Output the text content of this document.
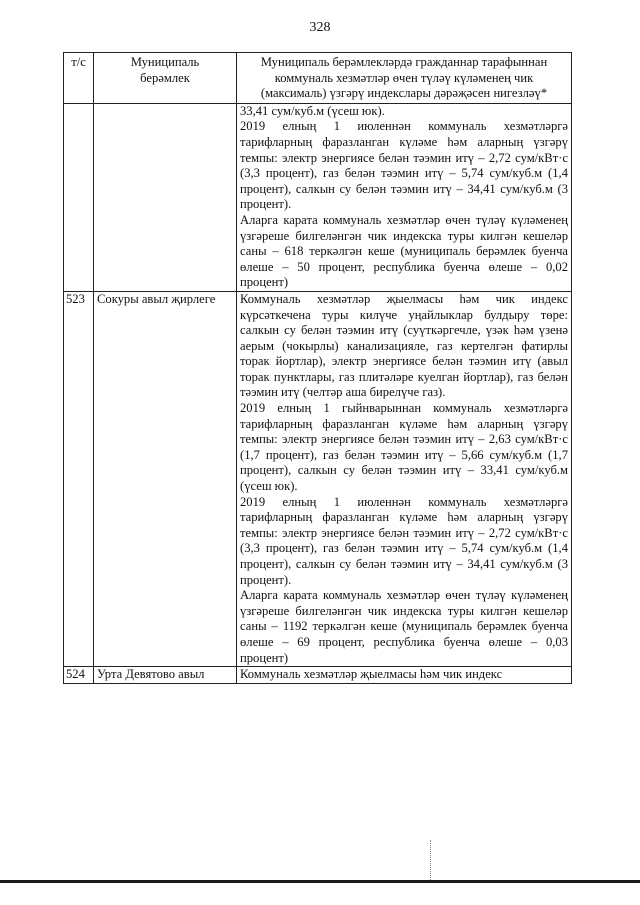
328
т/с	Муниципаль берәмлек	Муниципаль берәмлекләрдә гражданнар тарафыннан коммуналь хезмәтләр өчен түләү күләменең чик (максималь) үзгәрү индекслары дәрәҗәсен нигезләү*

		33,41 сум/куб.м (үсеш юк).

2019 елның 1 июленнән коммуналь хезмәтләргә тарифларның фаразланган күләме һәм аларның үзгәрү темпы: электр энергиясе белән тәэмин итү – 2,72 сум/кВт·с (3,3 процент), газ белән тәэмин итү – 5,74 сум/куб.м (1,4 процент), салкын су белән тәэмин итү – 34,41 сум/куб.м (3 процент).

Аларга карата коммуналь хезмәтләр өчен түләү күләменең үзгәреше билгеләнгән чик индекска туры килгән кешеләр саны – 618 теркәлгән кеше (муниципаль берәмлек буенча өлеше – 50 процент, республика буенча өлеше – 0,02 процент)

523	Сокуры авыл җирлеге	Коммуналь хезмәтләр җыелмасы һәм чик индекс күрсәткечена туры килүче уңайлыклар булдыру төре: салкын су белән тәэмин итү (суүткәргечле, үзәк һәм үзенә аерым (чокырлы) канализацияле, газ кертелгән фатирлы торак йортлар), электр энергиясе белән тәэмин итү (авыл торак пунктлары, газ плитәләре куелган йортлар), газ белән тәэмин итү (челтәр аша бирелүче газ).

2019 елның 1 гыйнварыннан коммуналь хезмәтләргә тарифларның фаразланган күләме һәм аларның үзгәрү темпы: электр энергиясе белән тәэмин итү – 2,63 сум/кВт·с (1,7 процент), газ белән тәэмин итү – 5,66 сум/куб.м (1,7 процент), салкын су белән тәэмин итү – 33,41 сум/куб.м (үсеш юк).

2019 елның 1 июленнән коммуналь хезмәтләргә тарифларның фаразланган күләме һәм аларның үзгәрү темпы: электр энергиясе белән тәэмин итү – 2,72 сум/кВт·с (3,3 процент), газ белән тәэмин итү – 5,74 сум/куб.м (1,4 процент), салкын су белән тәэмин итү – 34,41 сум/куб.м (3 процент).

Аларга карата коммуналь хезмәтләр өчен түләү күләменең үзгәреше билгеләнгән чик индекска туры килгән кешеләр саны – 1192 теркәлгән кеше (муниципаль берәмлек буенча өлеше – 69 процент, республика буенча өлеше – 0,03 процент)

524	Урта Девятово авыл	Коммуналь хезмәтләр җыелмасы һәм чик индекс
